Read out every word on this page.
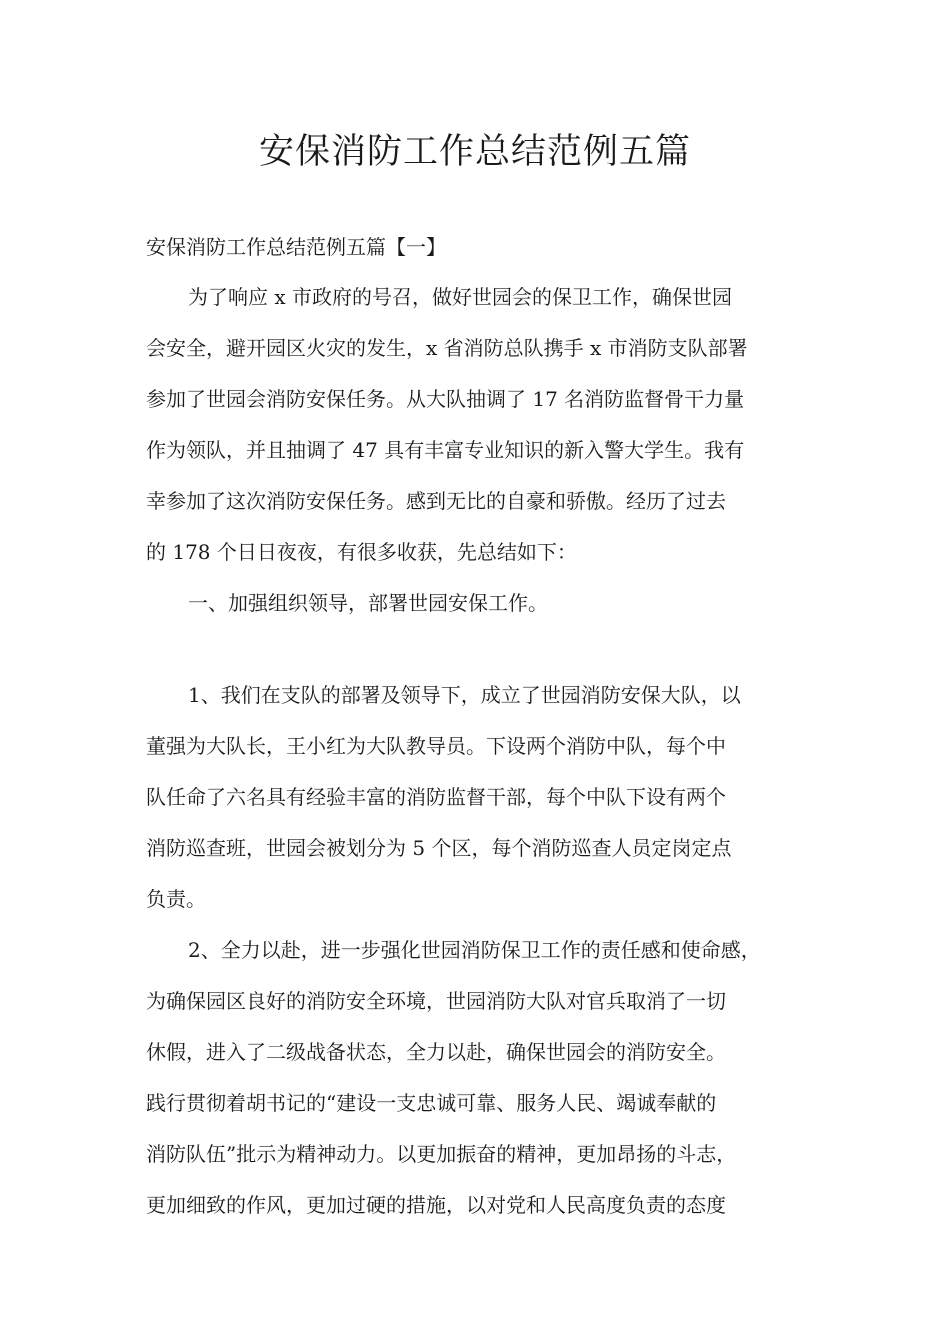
安保消防工作总结范例五篇

安保消防工作总结范例五篇【一】

为了响应 x 市政府的号召，做好世园会的保卫工作，确保世园
会安全，避开园区火灾的发生，x 省消防总队携手 x 市消防支队部署
参加了世园会消防安保任务。从大队抽调了 17 名消防监督骨干力量
作为领队，并且抽调了 47 具有丰富专业知识的新入警大学生。我有
幸参加了这次消防安保任务。感到无比的自豪和骄傲。经历了过去
的 178 个日日夜夜，有很多收获，先总结如下：

一、加强组织领导，部署世园安保工作。

1、我们在支队的部署及领导下，成立了世园消防安保大队，以
董强为大队长，王小红为大队教导员。下设两个消防中队，每个中
队任命了六名具有经验丰富的消防监督干部，每个中队下设有两个
消防巡查班，世园会被划分为 5 个区，每个消防巡查人员定岗定点
负责。

2、全力以赴，进一步强化世园消防保卫工作的责任感和使命感，
为确保园区良好的消防安全环境，世园消防大队对官兵取消了一切
休假，进入了二级战备状态，全力以赴，确保世园会的消防安全。
践行贯彻着胡书记的“建设一支忠诚可靠、服务人民、竭诚奉献的
消防队伍”批示为精神动力。以更加振奋的精神，更加昂扬的斗志，
更加细致的作风，更加过硬的措施，以对党和人民高度负责的态度
